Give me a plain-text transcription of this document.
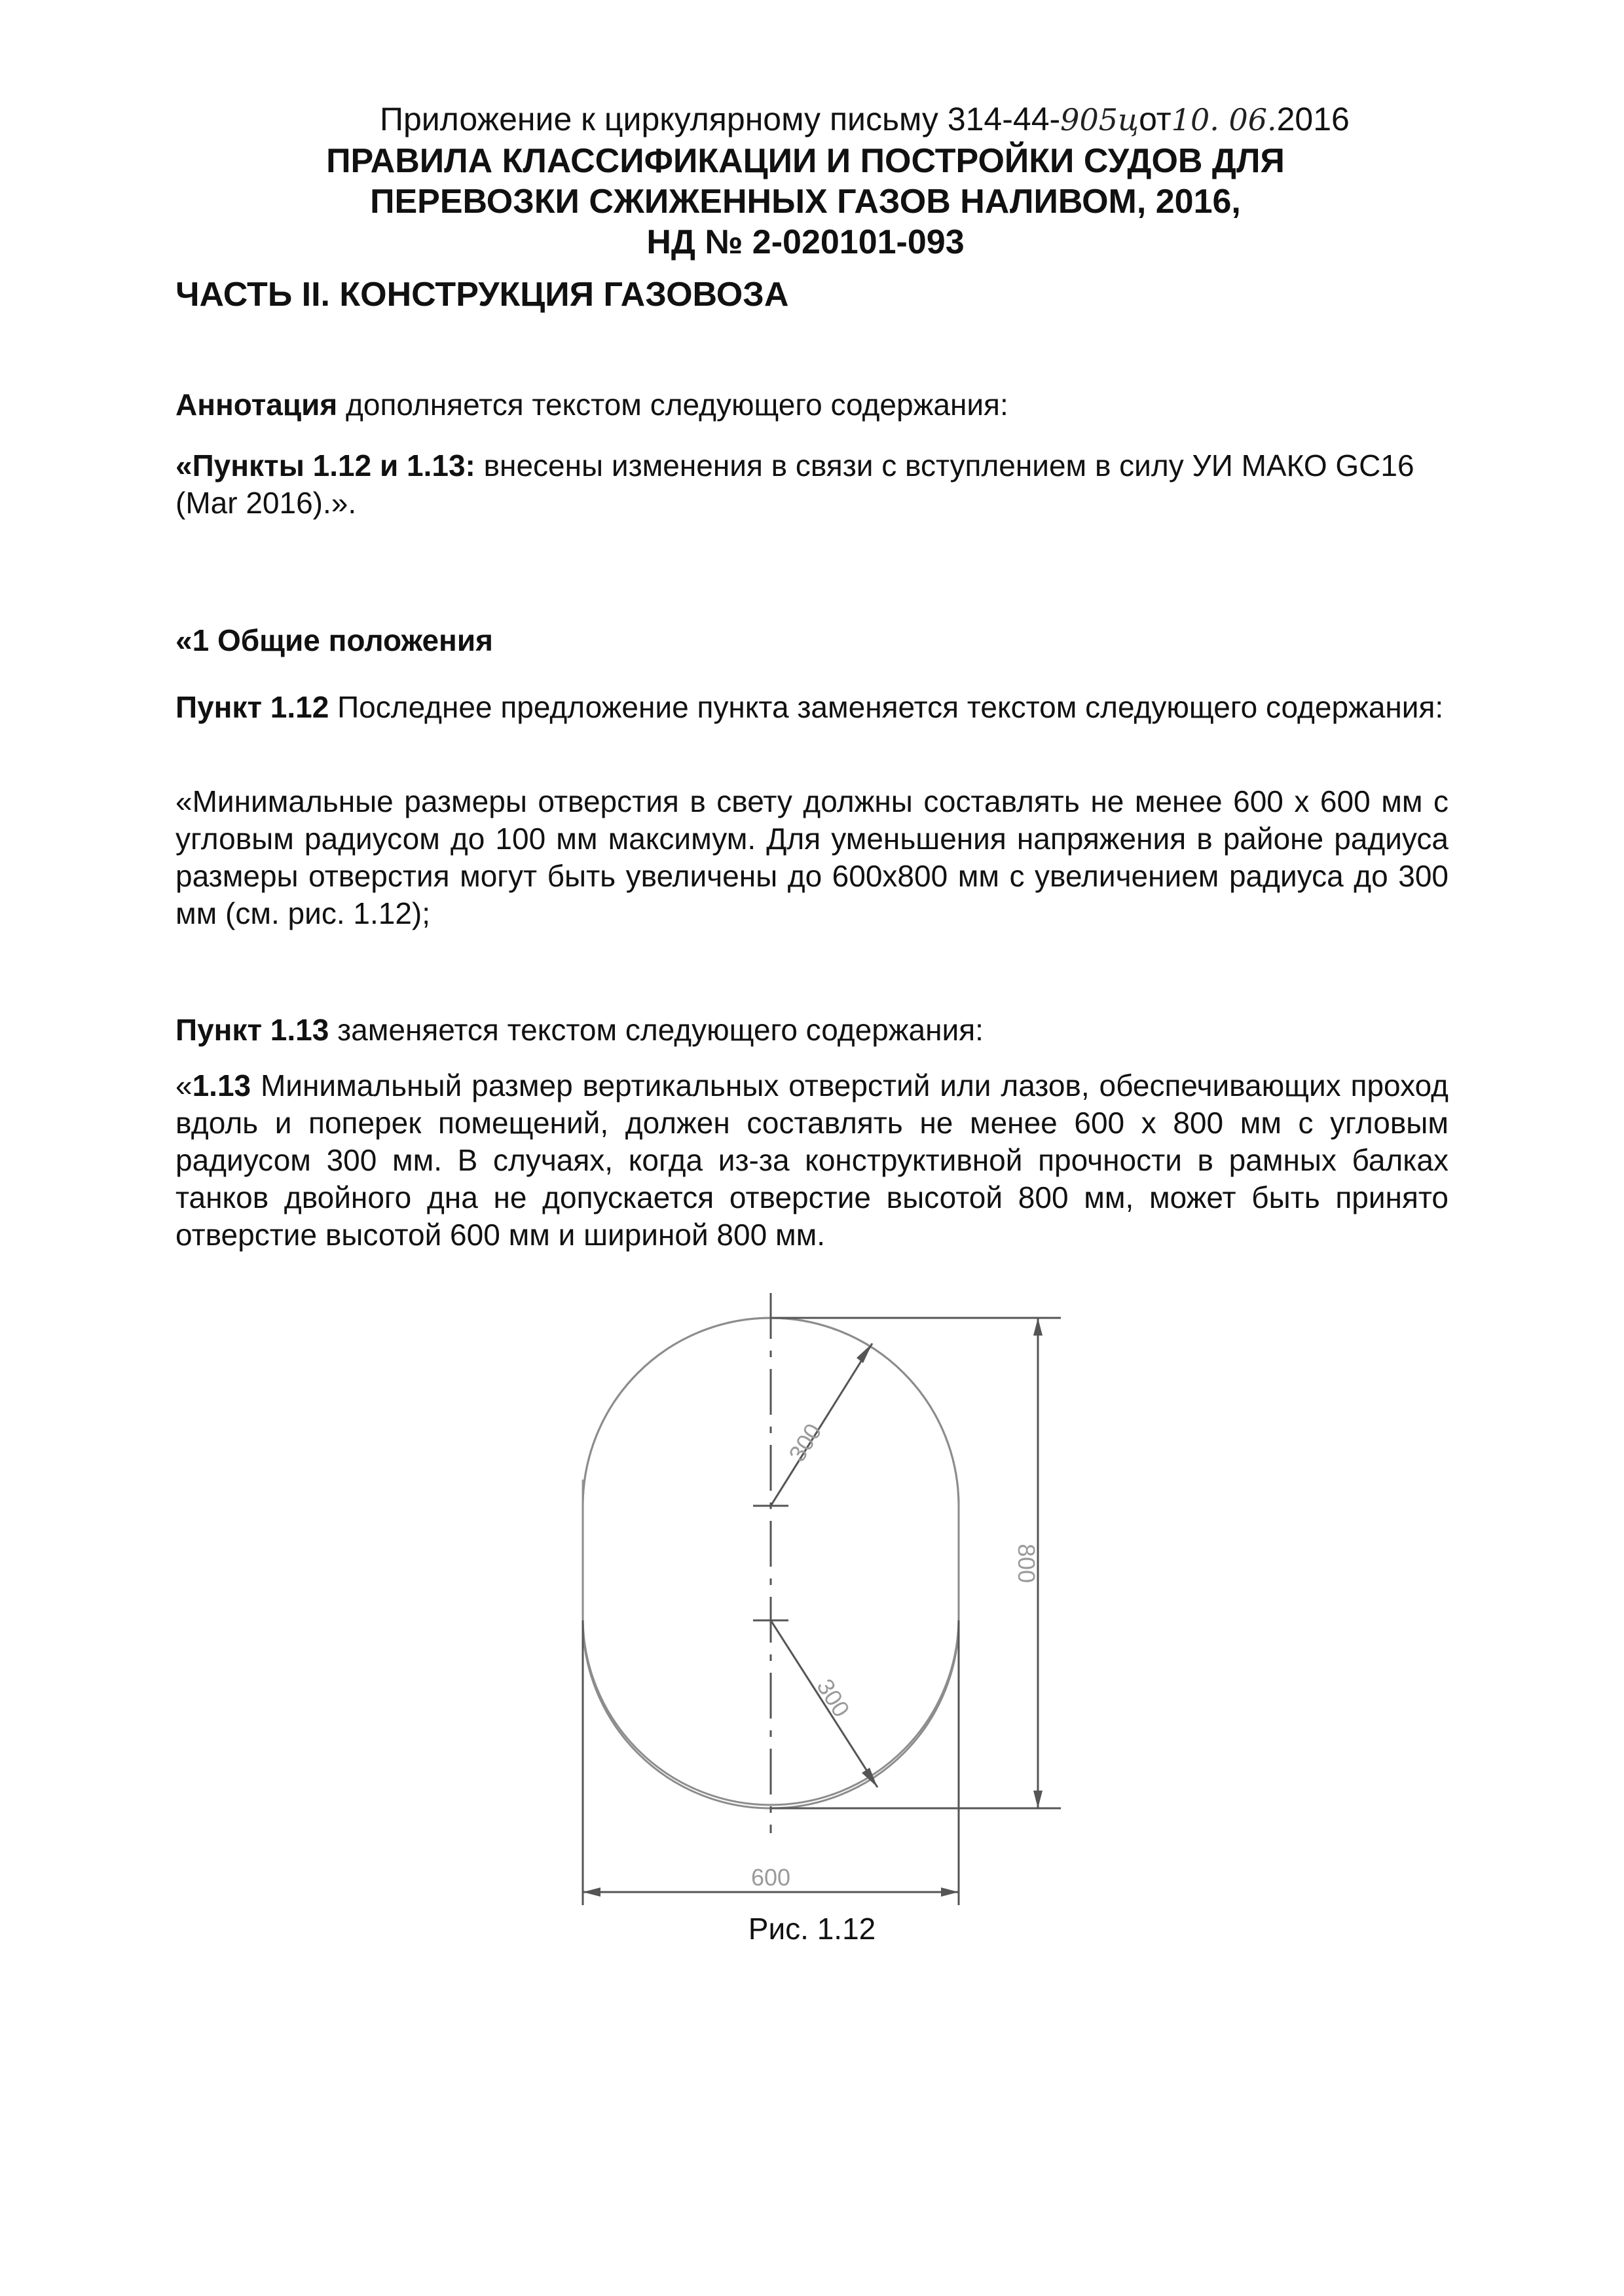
Приложение к циркулярному письму 314-44-905цот10. 06.2016
ПРАВИЛА КЛАССИФИКАЦИИ И ПОСТРОЙКИ СУДОВ ДЛЯ
ПЕРЕВОЗКИ СЖИЖЕННЫХ ГАЗОВ НАЛИВОМ, 2016,
НД № 2-020101-093
ЧАСТЬ II. КОНСТРУКЦИЯ ГАЗОВОЗА
Аннотация дополняется текстом следующего содержания:
«Пункты 1.12 и 1.13: внесены изменения в связи с вступлением в силу УИ МАКО GC16 (Mar 2016).».
«1 Общие положения
Пункт 1.12 Последнее предложение пункта заменяется текстом следующего содержания:
«Минимальные размеры отверстия в свету должны составлять не менее 600 х 600 мм с угловым радиусом до 100 мм максимум. Для уменьшения напряжения в районе радиуса размеры отверстия могут быть увеличены до 600х800 мм с увеличением радиуса до 300 мм (см. рис. 1.12);
Пункт 1.13 заменяется текстом следующего содержания:
«1.13 Минимальный размер вертикальных отверстий или лазов, обеспечивающих проход вдоль и поперек помещений, должен составлять не менее 600 х 800 мм с угловым радиусом 300 мм. В случаях, когда из-за конструктивной прочности в рамных балках танков двойного дна не допускается отверстие высотой 800 мм, может быть принято отверстие высотой 600 мм и шириной 800 мм.
300
300
800
600
Рис. 1.12
